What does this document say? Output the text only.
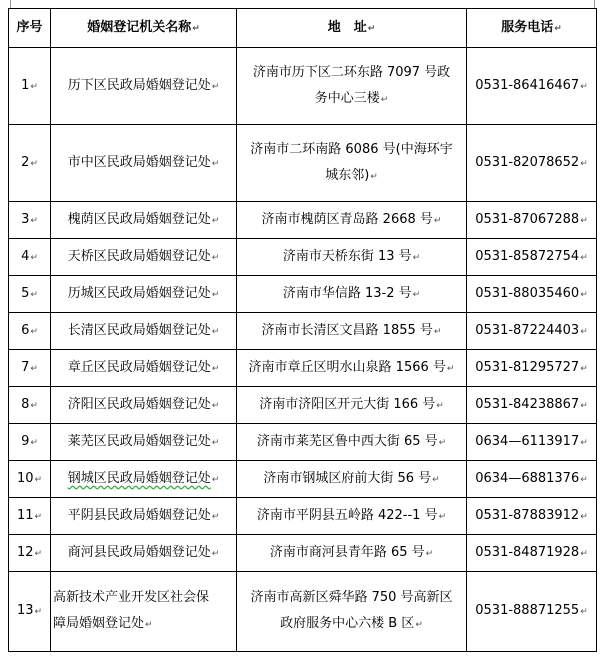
序号	婚姻登记机关名称↵	地　址↵	服务电话↵
1↵	历下区民政局婚姻登记处↵	济南市历下区二环东路 7097 号政
务中心三楼↵	0531-86416467↵
2↵	市中区民政局婚姻登记处↵	济南市二环南路 6086 号(中海环宇
城东邻)↵	0531-82078652↵
3↵	槐荫区民政局婚姻登记处↵	济南市槐荫区青岛路 2668 号↵	0531-87067288↵
4↵	天桥区民政局婚姻登记处↵	济南市天桥东街 13 号↵	0531-85872754↵
5↵	历城区民政局婚姻登记处↵	济南市华信路 13-2 号↵	0531-88035460↵
6↵	长清区民政局婚姻登记处↵	济南市长清区文昌路 1855 号↵	0531-87224403↵
7↵	章丘区民政局婚姻登记处↵	济南市章丘区明水山泉路 1566 号↵	0531-81295727↵
8↵	济阳区民政局婚姻登记处↵	济南市济阳区开元大街 166 号↵	0531-84238867↵
9↵	莱芜区民政局婚姻登记处↵	济南市莱芜区鲁中西大街 65 号↵	0634—6113917↵
10↵	钢城区民政局婚姻登记处↵	济南市钢城区府前大街 56 号↵	0634—6881376↵
11↵	平阴县民政局婚姻登记处↵	济南市平阴县五岭路 422--1 号↵	0531-87883912↵
12↵	商河县民政局婚姻登记处↵	济南市商河县青年路 65 号↵	0531-84871928↵
13↵	高新技术产业开发区社会保
障局婚姻登记处↵	济南市高新区舜华路 750 号高新区
政府服务中心六楼 B 区↵	0531-88871255↵
